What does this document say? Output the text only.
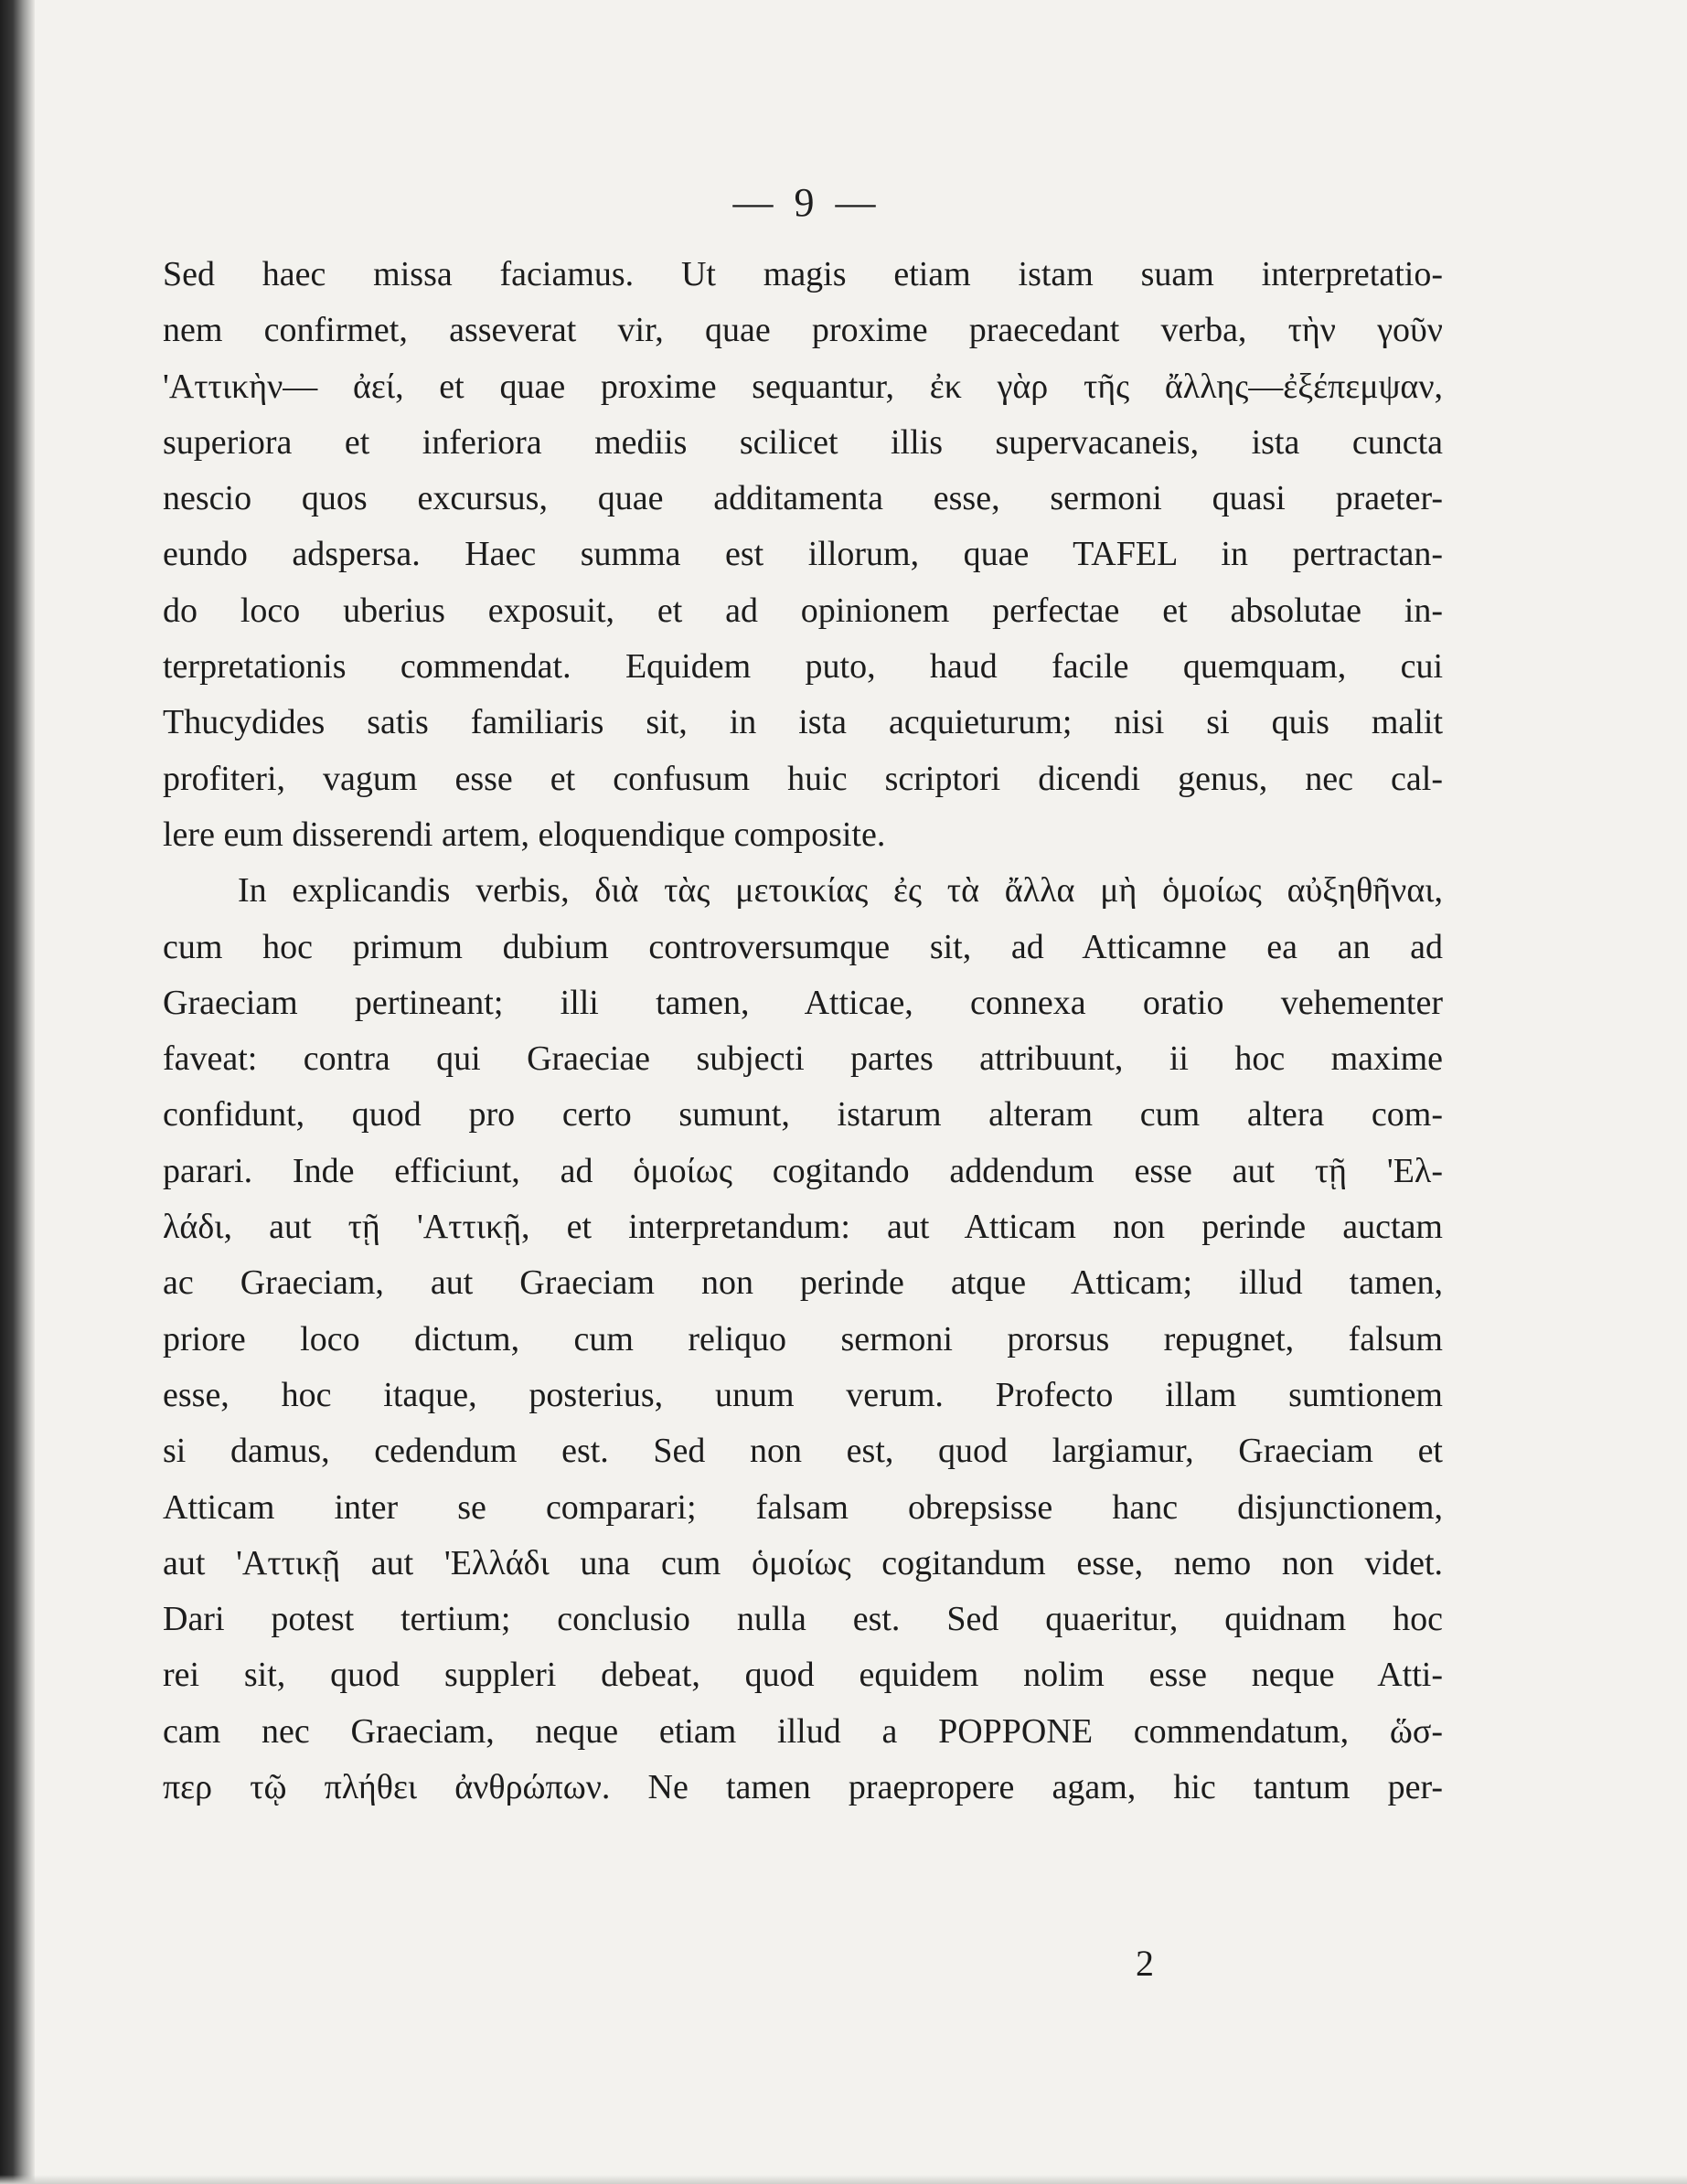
— 9 —
Sed haec missa faciamus. Ut magis etiam istam suam interpretatio-
nem confirmet, asseverat vir, quae proxime praecedant verba, τὴν γοῦν
'Αττικὴν— ἀεί, et quae proxime sequantur, ἐκ γὰρ τῆς ἄλλης—ἐξέπεμψαν,
superiora et inferiora mediis scilicet illis supervacaneis, ista cuncta
nescio quos excursus, quae additamenta esse, sermoni quasi praeter-
eundo adspersa. Haec summa est illorum, quae TAFEL in pertractan-
do loco uberius exposuit, et ad opinionem perfectae et absolutae in-
terpretationis commendat. Equidem puto, haud facile quemquam, cui
Thucydides satis familiaris sit, in ista acquieturum; nisi si quis malit
profiteri, vagum esse et confusum huic scriptori dicendi genus, nec cal-
lere eum disserendi artem, eloquendique composite.
In explicandis verbis, διὰ τὰς μετοικίας ἐς τὰ ἄλλα μὴ ὁμοίως αὐξηθῆναι,
cum hoc primum dubium controversumque sit, ad Atticamne ea an ad
Graeciam pertineant; illi tamen, Atticae, connexa oratio vehementer
faveat: contra qui Graeciae subjecti partes attribuunt, ii hoc maxime
confidunt, quod pro certo sumunt, istarum alteram cum altera com-
parari. Inde efficiunt, ad ὁμοίως cogitando addendum esse aut τῇ 'Ελ-
λάδι, aut τῇ 'Αττικῇ, et interpretandum: aut Atticam non perinde auctam
ac Graeciam, aut Graeciam non perinde atque Atticam; illud tamen,
priore loco dictum, cum reliquo sermoni prorsus repugnet, falsum
esse, hoc itaque, posterius, unum verum. Profecto illam sumtionem
si damus, cedendum est. Sed non est, quod largiamur, Graeciam et
Atticam inter se comparari; falsam obrepsisse hanc disjunctionem,
aut 'Αττικῇ aut 'Ελλάδι una cum ὁμοίως cogitandum esse, nemo non videt.
Dari potest tertium; conclusio nulla est. Sed quaeritur, quidnam hoc
rei sit, quod suppleri debeat, quod equidem nolim esse neque Atti-
cam nec Graeciam, neque etiam illud a POPPONE commendatum, ὥσ-
περ τῷ πλήθει ἀνθρώπων. Ne tamen praepropere agam, hic tantum per-
2
